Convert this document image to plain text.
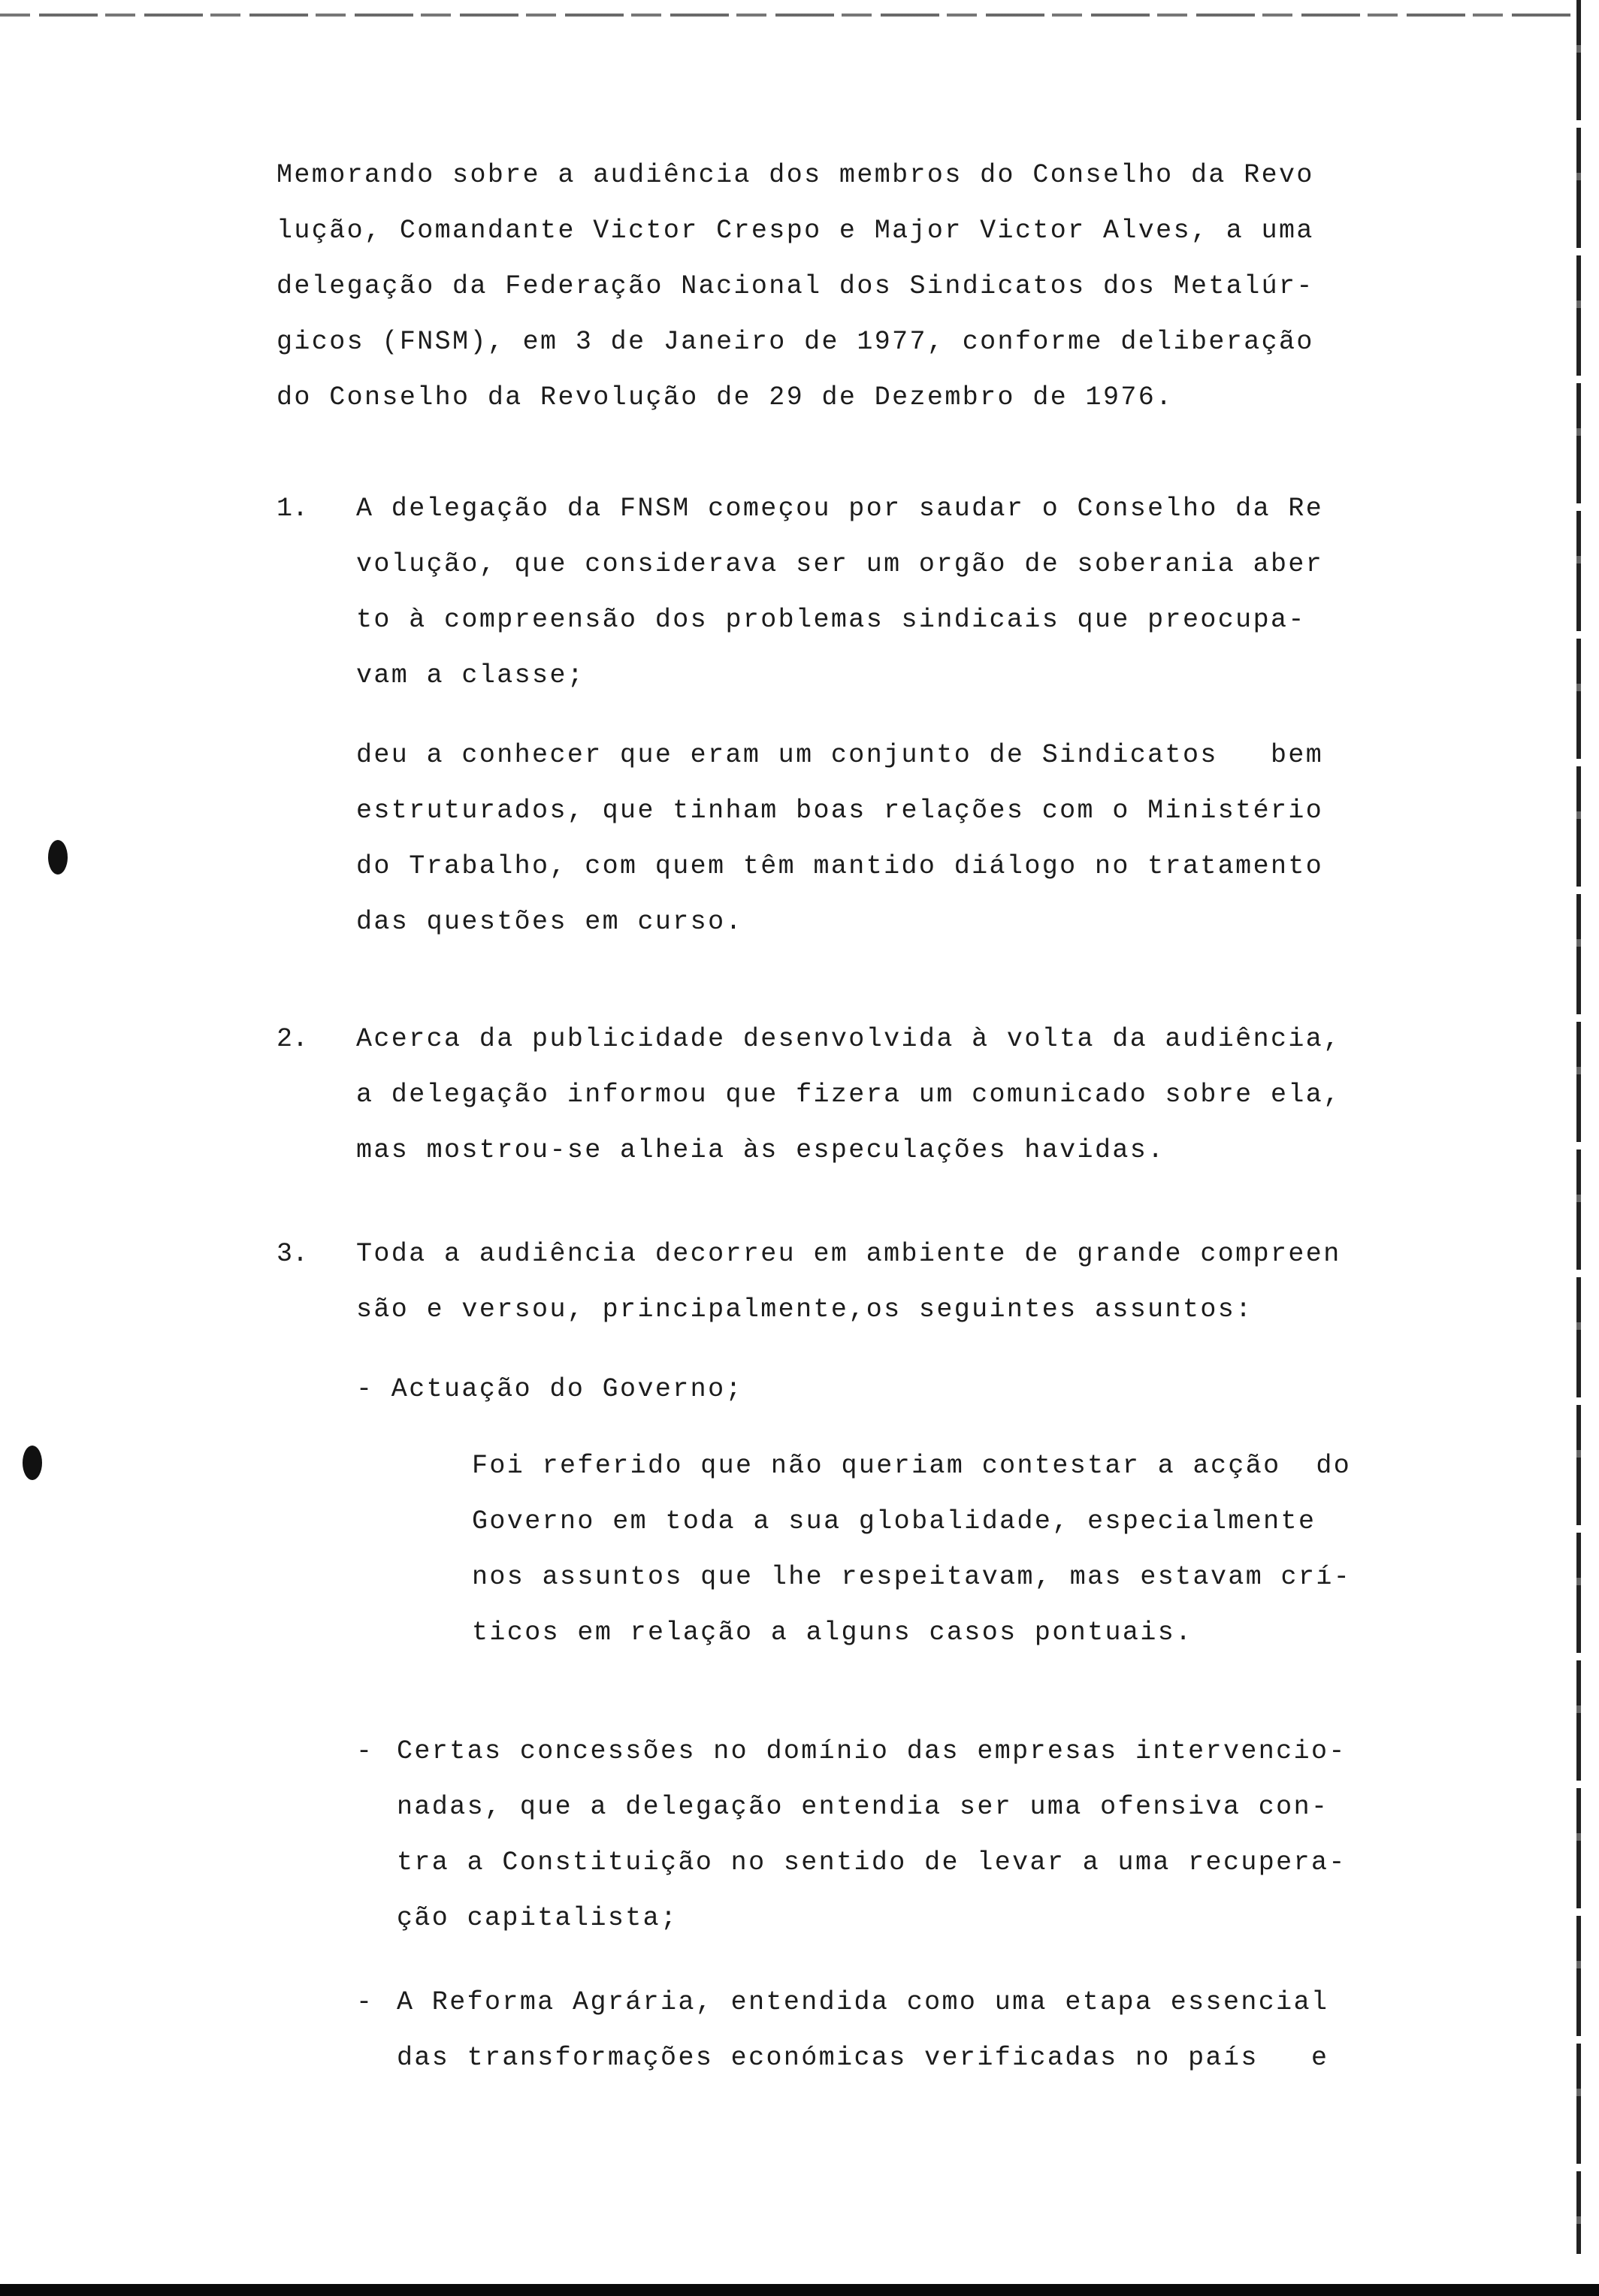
Memorando sobre a audiência dos membros do Conselho da Revo
lução, Comandante Victor Crespo e Major Victor Alves, a uma
delegação da Federação Nacional dos Sindicatos dos Metalúr-
gicos (FNSM), em 3 de Janeiro de 1977, conforme deliberação
do Conselho da Revolução de 29 de Dezembro de 1976.
1. A delegação da FNSM começou por saudar o Conselho da Re
volução, que considerava ser um orgão de soberania aber
to à compreensão dos problemas sindicais que preocupa-
vam a classe;
deu a conhecer que eram um conjunto de Sindicatos   bem
estruturados, que tinham boas relações com o Ministério
do Trabalho, com quem têm mantido diálogo no tratamento
das questões em curso.
2. Acerca da publicidade desenvolvida à volta da audiência,
a delegação informou que fizera um comunicado sobre ela,
mas mostrou-se alheia às especulações havidas.
3. Toda a audiência decorreu em ambiente de grande compreen
são e versou, principalmente,os seguintes assuntos:
- Actuação do Governo;
Foi referido que não queriam contestar a acção  do
Governo em toda a sua globalidade, especialmente
nos assuntos que lhe respeitavam, mas estavam crí-
ticos em relação a alguns casos pontuais.
- Certas concessões no domínio das empresas intervencio-
nadas, que a delegação entendia ser uma ofensiva con-
tra a Constituição no sentido de levar a uma recupera-
ção capitalista;
- A Reforma Agrária, entendida como uma etapa essencial
das transformações económicas verificadas no país   e
